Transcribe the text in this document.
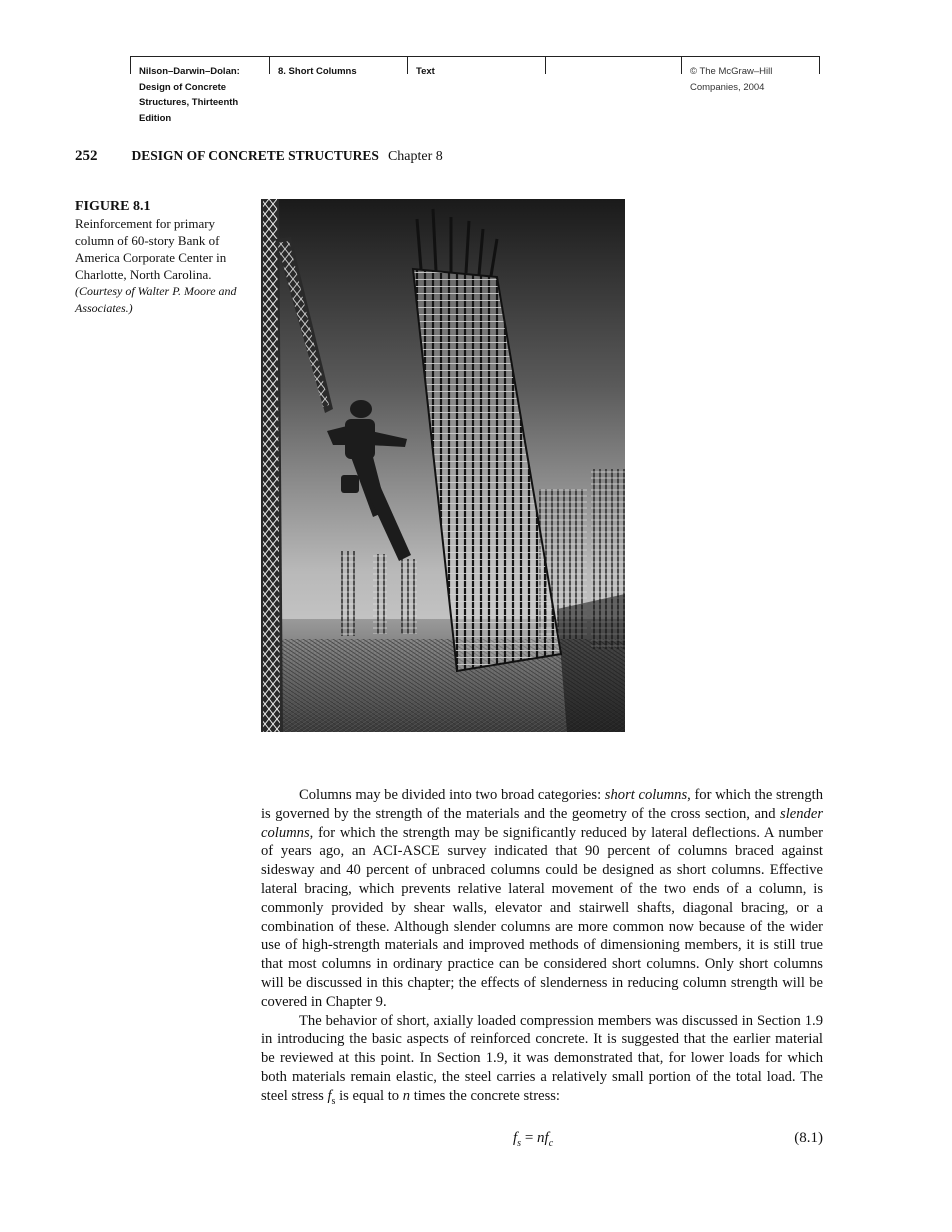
Nilson–Darwin–Dolan:
Design of Concrete
Structures, Thirteenth
Edition
8. Short Columns	Text	© The McGraw–Hill
Companies, 2004
252	DESIGN OF CONCRETE STRUCTURES Chapter 8
FIGURE 8.1
Reinforcement for primary column of 60-story Bank of America Corporate Center in Charlotte, North Carolina.
(Courtesy of Walter P. Moore and Associates.)

Columns may be divided into two broad categories: short columns, for which the strength is governed by the strength of the materials and the geometry of the cross section, and slender columns, for which the strength may be significantly reduced by lateral deflections. A number of years ago, an ACI-ASCE survey indicated that 90 percent of columns braced against sidesway and 40 percent of unbraced columns could be designed as short columns. Effective lateral bracing, which prevents relative lateral movement of the two ends of a column, is commonly provided by shear walls, elevator and stairwell shafts, diagonal bracing, or a combination of these. Although slender columns are more common now because of the wider use of high-strength materials and improved methods of dimensioning members, it is still true that most columns in ordinary practice can be considered short columns. Only short columns will be discussed in this chapter; the effects of slenderness in reducing column strength will be covered in Chapter 9.

The behavior of short, axially loaded compression members was discussed in Section 1.9 in introducing the basic aspects of reinforced concrete. It is suggested that the earlier material be reviewed at this point. In Section 1.9, it was demonstrated that, for lower loads for which both materials remain elastic, the steel carries a relatively small portion of the total load. The steel stress $f_s$ is equal to n times the concrete stress:

$f_s = nf_c$	(8.1)
